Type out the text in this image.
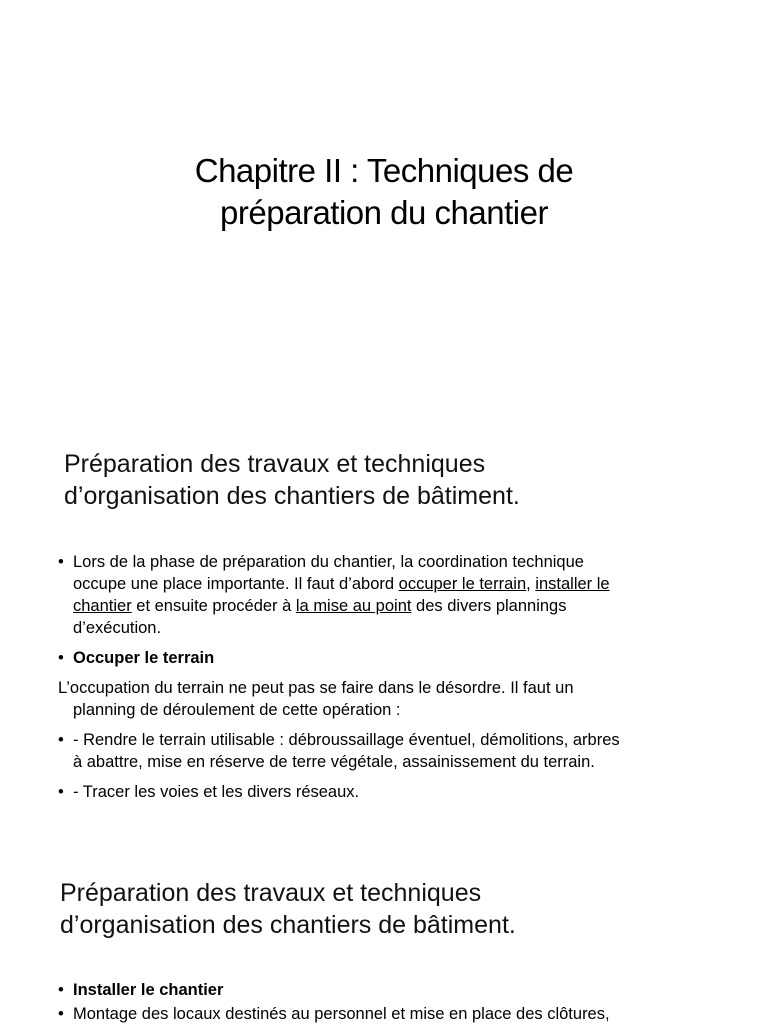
Chapitre II : Techniques de
préparation du chantier
Préparation des travaux et techniques
d’organisation des chantiers de bâtiment.
• Lors de la phase de préparation du chantier, la coordination technique
occupe une place importante. Il faut d’abord occuper le terrain, installer le
chantier et ensuite procéder à la mise au point des divers plannings
d’exécution.
• Occuper le terrain
L’occupation du terrain ne peut pas se faire dans le désordre. Il faut un
planning de déroulement de cette opération :
• - Rendre le terrain utilisable : débroussaillage éventuel, démolitions, arbres
à abattre, mise en réserve de terre végétale, assainissement du terrain.
• - Tracer les voies et les divers réseaux.
Préparation des travaux et techniques
d’organisation des chantiers de bâtiment.
• Installer le chantier
• Montage des locaux destinés au personnel et mise en place des clôtures,
